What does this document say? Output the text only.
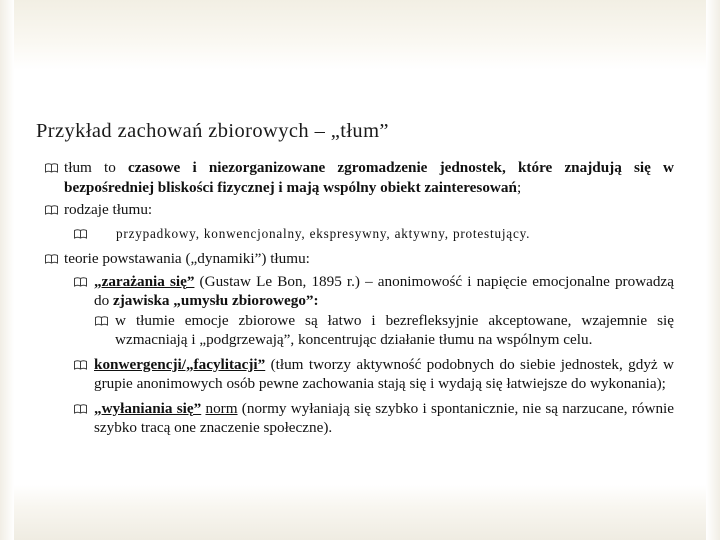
Przykład zachowań zbiorowych – „tłum”
tłum to czasowe i niezorganizowane zgromadzenie jednostek, które znajdują się w bezpośredniej bliskości fizycznej i mają wspólny obiekt zainteresowań;
rodzaje tłumu:
przypadkowy, konwencjonalny, ekspresywny, aktywny, protestujący.
teorie powstawania („dynamiki”) tłumu:
„zarażania się” (Gustaw Le Bon, 1895 r.) – anonimowość i napięcie emocjonalne prowadzą do zjawiska „umysłu zbiorowego”:
w tłumie emocje zbiorowe są łatwo i bezrefleksyjnie akceptowane, wzajemnie się wzmacniają i „podgrzewają”, koncentrując działanie tłumu na wspólnym celu.
konwergencji/„facylitacji” (tłum tworzy aktywność podobnych do siebie jednostek, gdyż w grupie anonimowych osób pewne zachowania stają się i wydają się łatwiejsze do wykonania);
„wyłaniania się” norm (normy wyłaniają się szybko i spontanicznie, nie są narzucane, równie szybko tracą one znaczenie społeczne).
